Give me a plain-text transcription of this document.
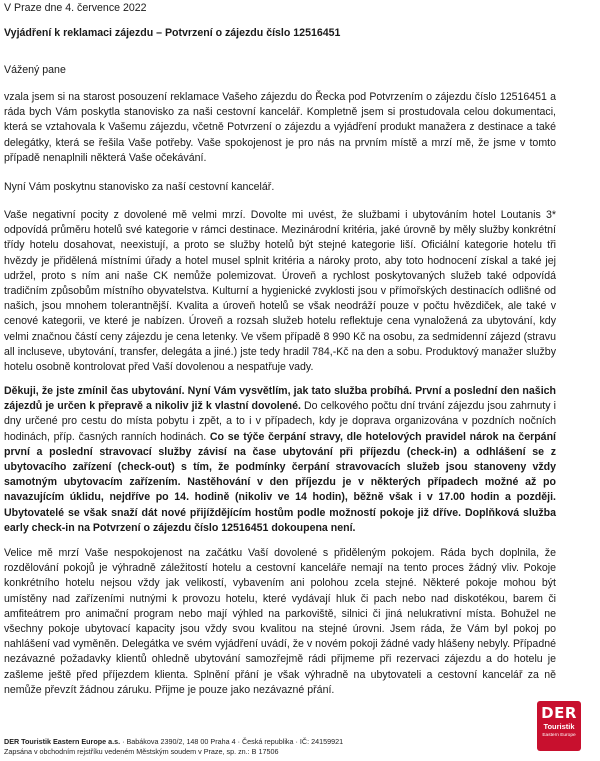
V Praze dne 4. července 2022
Vyjádření k reklamaci zájezdu – Potvrzení o zájezdu číslo 12516451
Vážený pane

vzala jsem si na starost posouzení reklamace Vašeho zájezdu do Řecka pod Potvrzením o zájezdu číslo 12516451 a ráda bych Vám poskytla stanovisko za naši cestovní kancelář. Kompletně jsem si prostudovala celou dokumentaci, která se vztahovala k Vašemu zájezdu, včetně Potvrzení o zájezdu a vyjádření produkt manažera z destinace a také delegátky, která se řešila Vaše potřeby. Vaše spokojenost je pro nás na prvním místě a mrzí mě, že jsme v tomto případě nenaplnili některá Vaše očekávání.

Nyní Vám poskytnu stanovisko za naší cestovní kancelář.

Vaše negativní pocity z dovolené mě velmi mrzí. Dovolte mi uvést, že službami i ubytováním hotel Loutanis 3* odpovídá průměru hotelů své kategorie v rámci destinace. Mezinárodní kritéria, jaké úrovně by měly služby konkrétní třídy hotelu dosahovat, neexistují, a proto se služby hotelů být stejné kategorie liší. Oficiální kategorie hotelu tři hvězdy je přidělená místními úřady a hotel musel splnit kritéria a nároky proto, aby toto hodnocení získal a také jej udržel, proto s ním ani naše CK nemůže polemizovat. Úroveň a rychlost poskytovaných služeb také odpovídá tradičním způsobům místního obyvatelstva. Kulturní a hygienické zvyklosti jsou v přímořských destinacích odlišné od našich, jsou mnohem tolerantnější. Kvalita a úroveň hotelů se však neodráží pouze v počtu hvězdiček, ale také v cenové kategorii, ve které je nabízen. Úroveň a rozsah služeb hotelu reflektuje cena vynaložená za ubytování, kdy velmi značnou částí ceny zájezdu je cena letenky. Ve všem případě 8 990 Kč na osobu, za sedmidenní zájezd (stravu all incluseve, ubytování, transfer, delegáta a jiné.) jste tedy hradil 784,-Kč na den a sobu. Produktový manažer služby hotelu osobně kontrolovat před Vaší dovolenou a nespatřuje vady.

Děkuji, že jste zmínil čas ubytování. Nyní Vám vysvětlím, jak tato služba probíhá. První a poslední den našich zájezdů je určen k přepravě a nikoliv již k vlastní dovolené. Do celkového počtu dní trvání zájezdu jsou zahrnuty i dny určené pro cestu do místa pobytu i zpět, a to i v případech, kdy je doprava organizována v pozdních nočních hodinách, příp. časných ranních hodinách. Co se týče čerpání stravy, dle hotelových pravidel nárok na čerpání první a poslední stravovací služby závisí na čase ubytování při příjezdu (check-in) a odhlášení se z ubytovacího zařízení (check-out) s tím, že podmínky čerpání stravovacích služeb jsou stanoveny vždy samotným ubytovacím zařízením. Nastěhování v den příjezdu je v některých případech možné až po navazujícím úklidu, nejdříve po 14. hodině (nikoliv ve 14 hodin), běžně však i v 17.00 hodin a později. Ubytovatelé se však snaží dát nové přijíždějícím hostům podle možností pokoje již dříve. Doplňková služba early check-in na Potvrzení o zájezdu číslo 12516451 dokoupena není.

Velice mě mrzí Vaše nespokojenost na začátku Vaší dovolené s přiděleným pokojem. Ráda bych doplnila, že rozdělování pokojů je výhradně záležitostí hotelu a cestovní kanceláře nemají na tento proces žádný vliv. Pokoje konkrétního hotelu nejsou vždy jak velikostí, vybavením ani polohou zcela stejné. Některé pokoje mohou být umístěny nad zařízeními nutnými k provozu hotelu, které vydávají hluk či pach nebo nad diskotékou, barem či amfiteátrem pro animační program nebo mají výhled na parkoviště, silnici či jiná nelukrativní místa. Bohužel ne všechny pokoje ubytovací kapacity jsou vždy svou kvalitou na stejné úrovni. Jsem ráda, že Vám byl pokoj po nahlášení vad vyměněn. Delegátka ve svém vyjádření uvádí, že v novém pokoji žádné vady hlášeny nebyly. Případné nezávazné požadavky klientů ohledně ubytování samozřejmě rádi přijmeme při rezervaci zájezdu a do hotelu je zašleme ještě před příjezdem klienta. Splnění přání je však výhradně na ubytovateli a cestovní kancelář za ně nemůže převzít žádnou záruku. Přijme je pouze jako nezávazné přání.

DER Touristik Eastern Europe a.s. · Babákova 2390/2, 148 00 Praha 4 · Česká republika · IČ: 24159921
Zapsána v obchodním rejstříku vedeném Městským soudem v Praze, sp. zn.: B 17506
DER
Touristik
Eastern Europe
